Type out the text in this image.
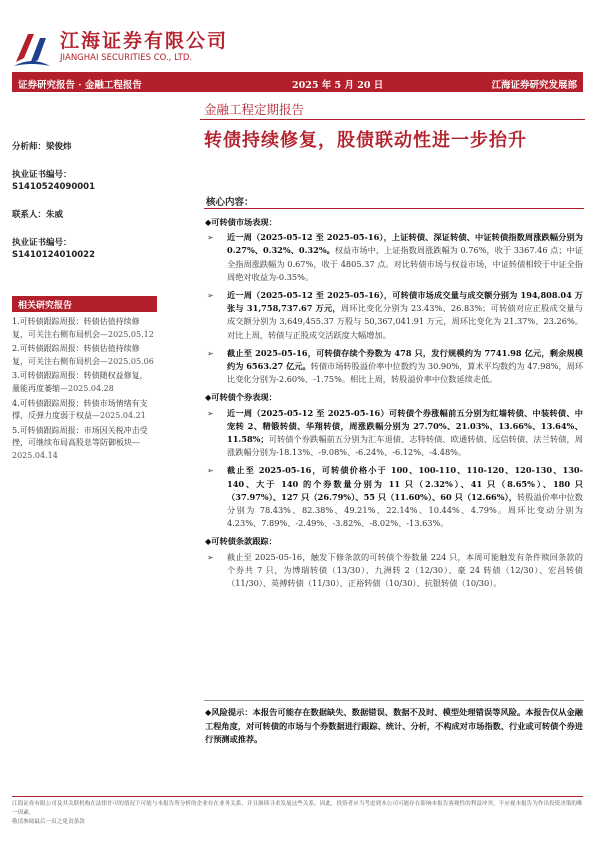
江海证券有限公司
JIANGHAI SECURITIES CO., LTD.
证券研究报告 · 金融工程报告	2025 年 5 月 20 日	江海证券研究发展部
分析师：梁俊炜
执业证书编号：
S1410524090001
联系人：朱威
执业证书编号：
S1410124010022
相关研究报告
1.可转债跟踪周报：转债估值持续修复，可关注右侧布局机会—2025.05.12
2.可转债跟踪周报：转债估值持续修复，可关注右侧布局机会—2025.05.06
3.可转债跟踪周报：转债随权益修复，量能再度萎缩—2025.04.28
4.可转债跟踪周报：转债市场情绪有支撑，反弹力度弱于权益—2025.04.21
5.可转债跟踪周报：市场因关税冲击受挫，可继续布局高股息等防御板块—2025.04.14
金融工程定期报告
转债持续修复，股债联动性进一步抬升
核心内容：
◆可转债市场表现：
➢ 近一周（2025-05-12 至 2025-05-16），上证转债、深证转债、中证转债指数周涨跌幅分别为 0.27%、0.32%、0.32%。权益市场中，上证指数周涨跌幅为 0.76%，收于 3367.46 点；中证全指周涨跌幅为 0.67%，收于 4805.37 点。对比转债市场与权益市场，中证转债相较于中证全指周绝对收益为-0.35%。
➢ 近一周（2025-05-12 至 2025-05-16），可转债市场成交量与成交额分别为 194,808.04 万张与 31,758,737.67 万元，周环比变化分别为 23.43%、26.83%；可转债对应正股成交量与成交额分别为 3,649,455.37 万股与 50,367,041.91 万元，周环比变化为 21.37%、23.26%。对比上周，转债与正股成交活跃度大幅增加。
➢ 截止至 2025-05-16，可转债存续个券数为 478 只，发行规模约为 7741.98 亿元，剩余规模约为 6563.27 亿元。转债市场转股溢价率中位数约为 30.90%，算术平均数约为 47.98%，周环比变化分别为-2.60%、-1.75%。相比上周，转股溢价率中位数延续走低。
◆可转债个券表现：
➢ 近一周（2025-05-12 至 2025-05-16）可转债个券涨幅前五分别为红墙转债、中装转债、中宠转 2、精锻转债、华翔转债，周涨跌幅分别为 27.70%、21.03%、13.66%、13.64%、11.58%；可转债个券跌幅前五分别为汇车退债、志特转债、欧通转债、远信转债、法兰转债，周涨跌幅分别为-18.13%、-9.08%、-6.24%、-6.12%、-4.48%。
➢ 截止至 2025-05-16，可转债价格小于 100、100-110、110-120、120-130、130-140、大于 140 的个券数量分别为 11 只（2.32%）、41 只（8.65%）、180 只（37.97%）、127 只（26.79%）、55 只（11.60%）、60 只（12.66%），转股溢价率中位数分别为 78.43%、82.38%、49.21%、22.14%、10.44%、4.79%。周环比变动分别为 4.23%、7.89%、-2.49%、-3.82%、-8.02%、-13.63%。
◆可转债条款跟踪：
➢ 截止至 2025-05-16，触发下修条款的可转债个券数量 224 只，本周可能触发有条件赎回条款的个券共 7 只，为博瑞转债（13/30）、九洲转 2（12/30）、豪 24 转债（12/30）、宏昌转债（11/30）、英搏转债（11/30）、正裕转债（10/30）、抗银转债（10/30）。
◆风险提示：本报告可能存在数据缺失、数据错误、数据不及时、模型处理错误等风险。本报告仅从金融工程角度，对可转债的市场与个券数据进行跟踪、统计、分析，不构成对市场指数、行业或可转债个券进行预测或推荐。
江海证券有限公司及其关联机构在法律许可的情况下可能与本报告所分析的企业存在业务关系，并且继续寻求发展这些关系。因此，投资者应当考虑到本公司可能存在影响本报告客观性的利益冲突，不应视本报告为作出投资决策的唯一因素。
敬请参阅最后一页之免责条款
